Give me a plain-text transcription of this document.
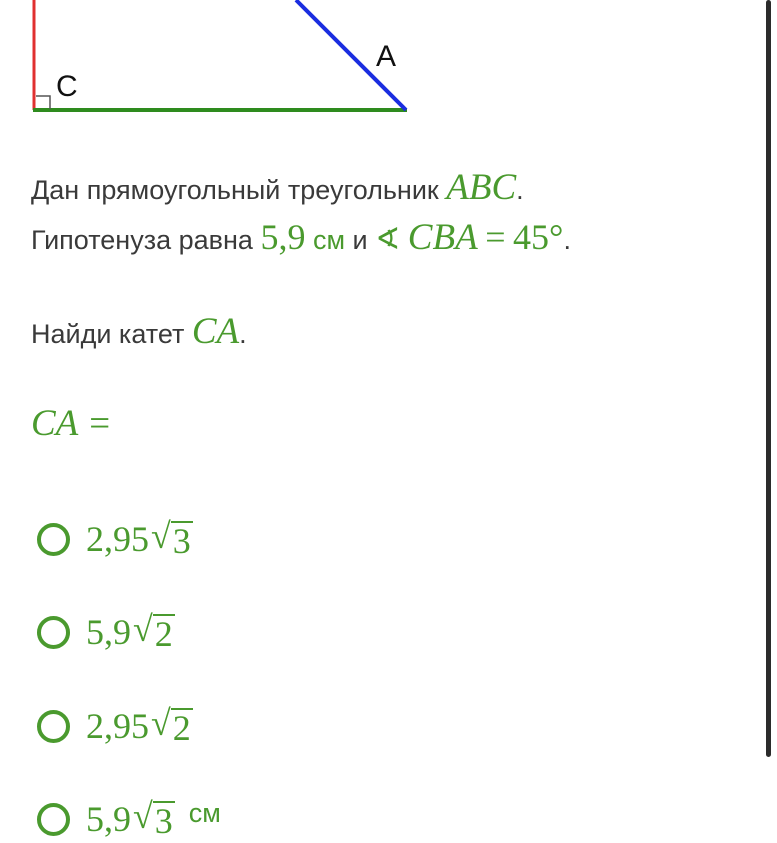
C
A
Дан прямоугольный треугольник ABC.
Гипотенуза равна 5,9 см и ∢ CBA = 45°.
Найди катет CA.
CA =
2,95 √ 3
5,9 √ 2
2,95 √ 2
5,9 √ 3 см
